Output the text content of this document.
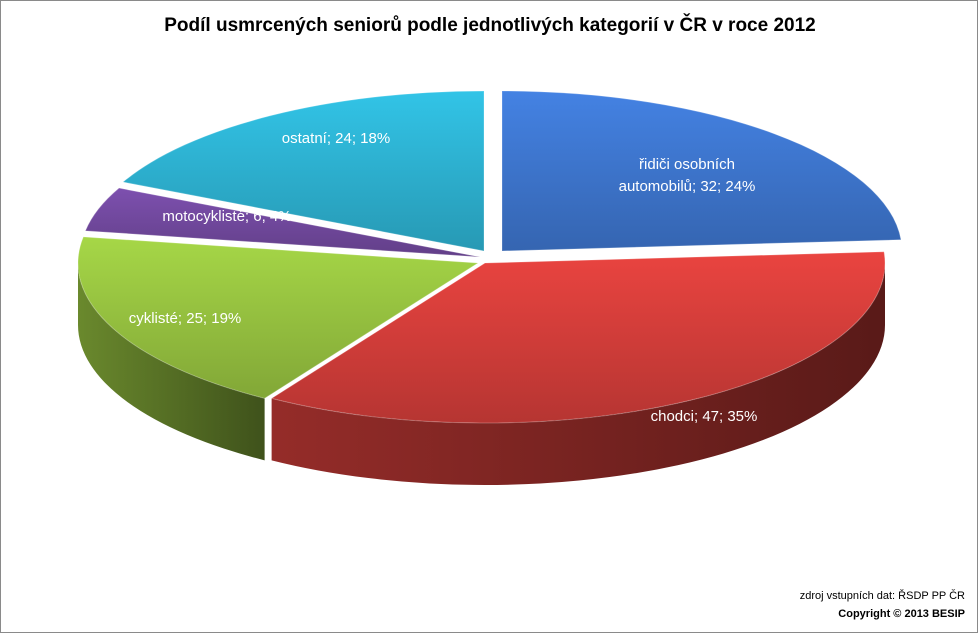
Podíl usmrcených seniorů podle jednotlivých kategorií v ČR v roce 2012
řidiči osobních automobilů; 32; 24%
chodci; 47; 35%
cyklisté; 25; 19%
motocyklisté; 6; 4%
ostatní; 24; 18%
zdroj vstupních dat: ŘSDP PP ČR
Copyright © 2013 BESIP
